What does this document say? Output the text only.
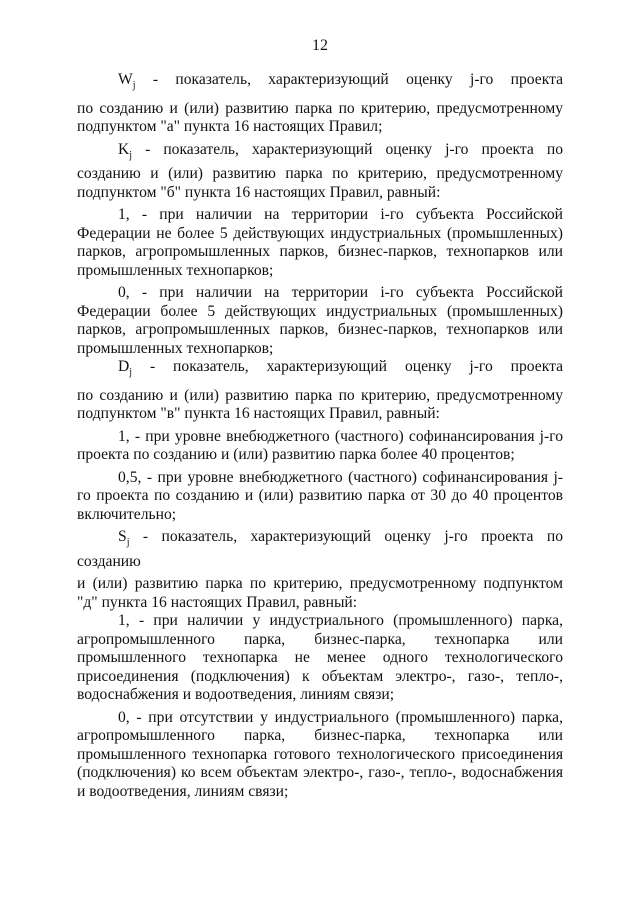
12

$W_j$ - показатель, характеризующий оценку j-го проекта

по созданию и (или) развитию парка по критерию, предусмотренному подпунктом "а" пункта 16 настоящих Правил;

$K_j$ - показатель, характеризующий оценку j-го проекта по созданию и (или) развитию парка по критерию, предусмотренному подпунктом "б" пункта 16 настоящих Правил, равный:

1, - при наличии на территории i-го субъекта Российской Федерации не более 5 действующих индустриальных (промышленных) парков, агропромышленных парков, бизнес-парков, технопарков или промышленных технопарков;

0, - при наличии на территории i-го субъекта Российской Федерации более 5 действующих индустриальных (промышленных) парков, агропромышленных парков, бизнес-парков, технопарков или промышленных технопарков;

$D_j$ - показатель, характеризующий оценку j-го проекта

по созданию и (или) развитию парка по критерию, предусмотренному подпунктом "в" пункта 16 настоящих Правил, равный:

1, - при уровне внебюджетного (частного) софинансирования j-го проекта по созданию и (или) развитию парка более 40 процентов;

0,5, - при уровне внебюджетного (частного) софинансирования j-го проекта по созданию и (или) развитию парка от 30 до 40 процентов включительно;

$S_j$ - показатель, характеризующий оценку j-го проекта по созданию

и (или) развитию парка по критерию, предусмотренному подпунктом "д" пункта 16 настоящих Правил, равный:

1, - при наличии у индустриального (промышленного) парка, агропромышленного парка, бизнес-парка, технопарка или промышленного технопарка не менее одного технологического присоединения (подключения) к объектам электро-, газо-, тепло-, водоснабжения и водоотведения, линиям связи;

0, - при отсутствии у индустриального (промышленного) парка, агропромышленного парка, бизнес-парка, технопарка или промышленного технопарка готового технологического присоединения (подключения) ко всем объектам электро-, газо-, тепло-, водоснабжения и водоотведения, линиям связи;
